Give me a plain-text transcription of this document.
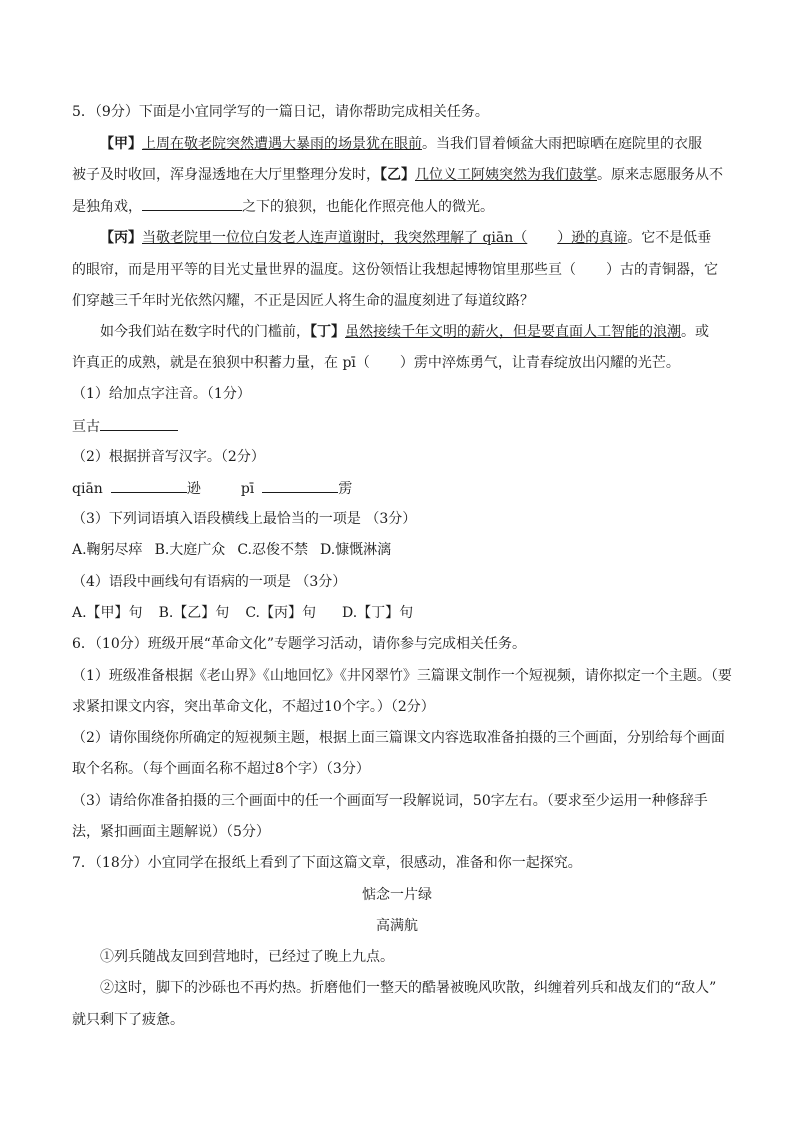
5．（9分）下面是小宜同学写的一篇日记，请你帮助完成相关任务。
【甲】上周在敬老院突然遭遇大暴雨的场景犹在眼前。当我们冒着倾盆大雨把晾晒在庭院里的衣服
被子及时收回，浑身湿透地在大厅里整理分发时，【乙】几位义工阿姨突然为我们鼓掌。原来志愿服务从不
是独角戏，	之下的狼狈，也能化作照亮他人的微光。
【丙】当敬老院里一位位白发老人连声道谢时，我突然理解了 qiān（ ）逊的真谛。它不是低垂
的眼帘，而是用平等的目光丈量世界的温度。这份领悟让我想起博物馆里那些亘（ ）古的青铜器，它
们穿越三千年时光依然闪耀，不正是因匠人将生命的温度刻进了每道纹路？
如今我们站在数字时代的门槛前，【丁】虽然接续千年文明的薪火，但是要直面人工智能的浪潮。或
许真正的成熟，就是在狼狈中积蓄力量，在 pī（ ）雳中淬炼勇气，让青春绽放出闪耀的光芒。
（1）给加点字注音。（1分）
亘古
（2）根据拼音写汉字。（2分）
qiān	逊	pī	雳
（3）下列词语填入语段横线上最恰当的一项是 （3分）
A.鞠躬尽瘁 B.大庭广众 C.忍俊不禁 D.慷慨淋漓
（4）语段中画线句有语病的一项是 （3分）
A.【甲】句 B.【乙】句 C.【丙】句 D.【丁】句
6．（10分）班级开展“革命文化”专题学习活动，请你参与完成相关任务。
（1）班级准备根据《老山界》《山地回忆》《井冈翠竹》三篇课文制作一个短视频，请你拟定一个主题。（要
求紧扣课文内容，突出革命文化，不超过10个字。）（2分）
（2）请你围绕你所确定的短视频主题，根据上面三篇课文内容选取准备拍摄的三个画面，分别给每个画面
取个名称。（每个画面名称不超过8个字）（3分）
（3）请给你准备拍摄的三个画面中的任一个画面写一段解说词，50字左右。（要求至少运用一种修辞手
法，紧扣画面主题解说）（5分）
7．（18分）小宜同学在报纸上看到了下面这篇文章，很感动，准备和你一起探究。
惦念一片绿
高满航
①列兵随战友回到营地时，已经过了晚上九点。
②这时，脚下的沙砾也不再灼热。折磨他们一整天的酷暑被晚风吹散，纠缠着列兵和战友们的“敌人”
就只剩下了疲惫。
